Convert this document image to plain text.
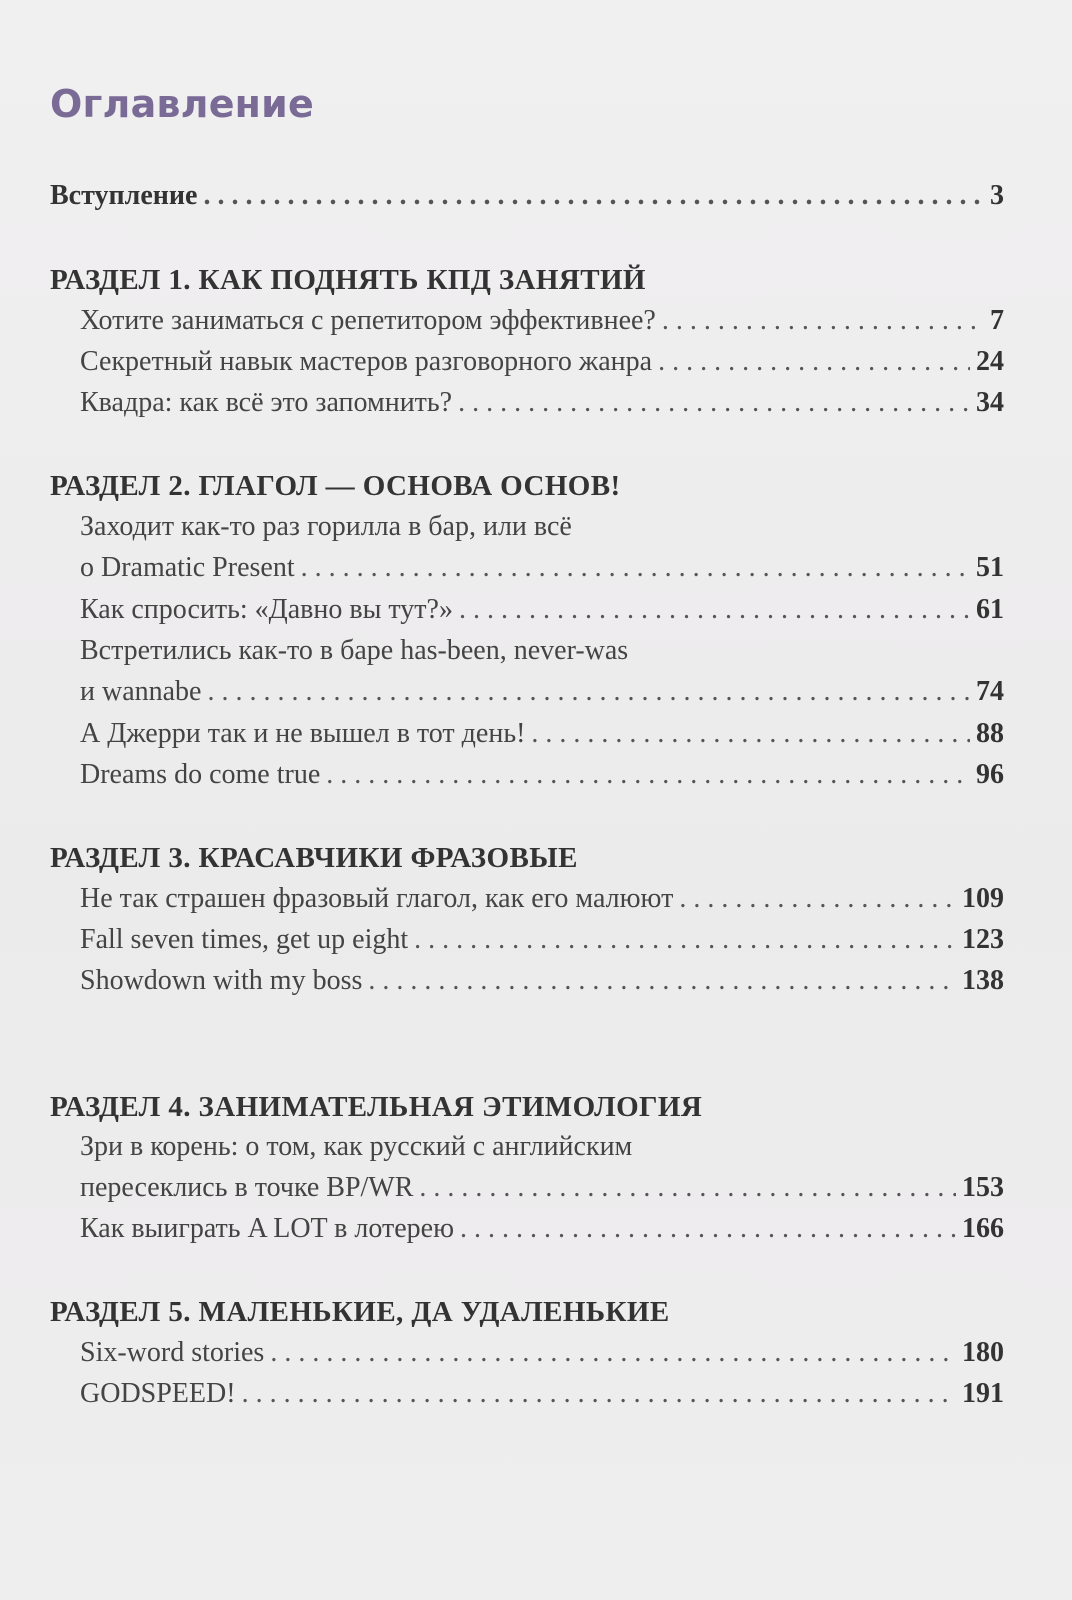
Оглавление
Вступление . . .	3
РАЗДЕЛ 1. КАК ПОДНЯТЬ КПД ЗАНЯТИЙ
Хотите заниматься с репетитором эффективнее? . . .	7
Секретный навык мастеров разговорного жанра . . .	24
Квадра: как всё это запомнить? . . .	34
РАЗДЕЛ 2. ГЛАГОЛ — ОСНОВА ОСНОВ!
Заходит как-то раз горилла в бар, или всё
о Dramatic Present . . .	51
Как спросить: «Давно вы тут?» . . .	61
Встретились как-то в баре has-been, never-was
и wannabe . . .	74
А Джерри так и не вышел в тот день! . . .	88
Dreams do come true . . .	96
РАЗДЕЛ 3. КРАСАВЧИКИ ФРАЗОВЫЕ
Не так страшен фразовый глагол, как его малюют . . .	109
Fall seven times, get up eight . . .	123
Showdown with my boss . . .	138
РАЗДЕЛ 4. ЗАНИМАТЕЛЬНАЯ ЭТИМОЛОГИЯ
Зри в корень: о том, как русский с английским
пересеклись в точке ВР/WR . . .	153
Как выиграть A LOT в лотерею . . .	166
РАЗДЕЛ 5. МАЛЕНЬКИЕ, ДА УДАЛЕНЬКИЕ
Six-word stories . . .	180
GODSPEED! . . .	191
